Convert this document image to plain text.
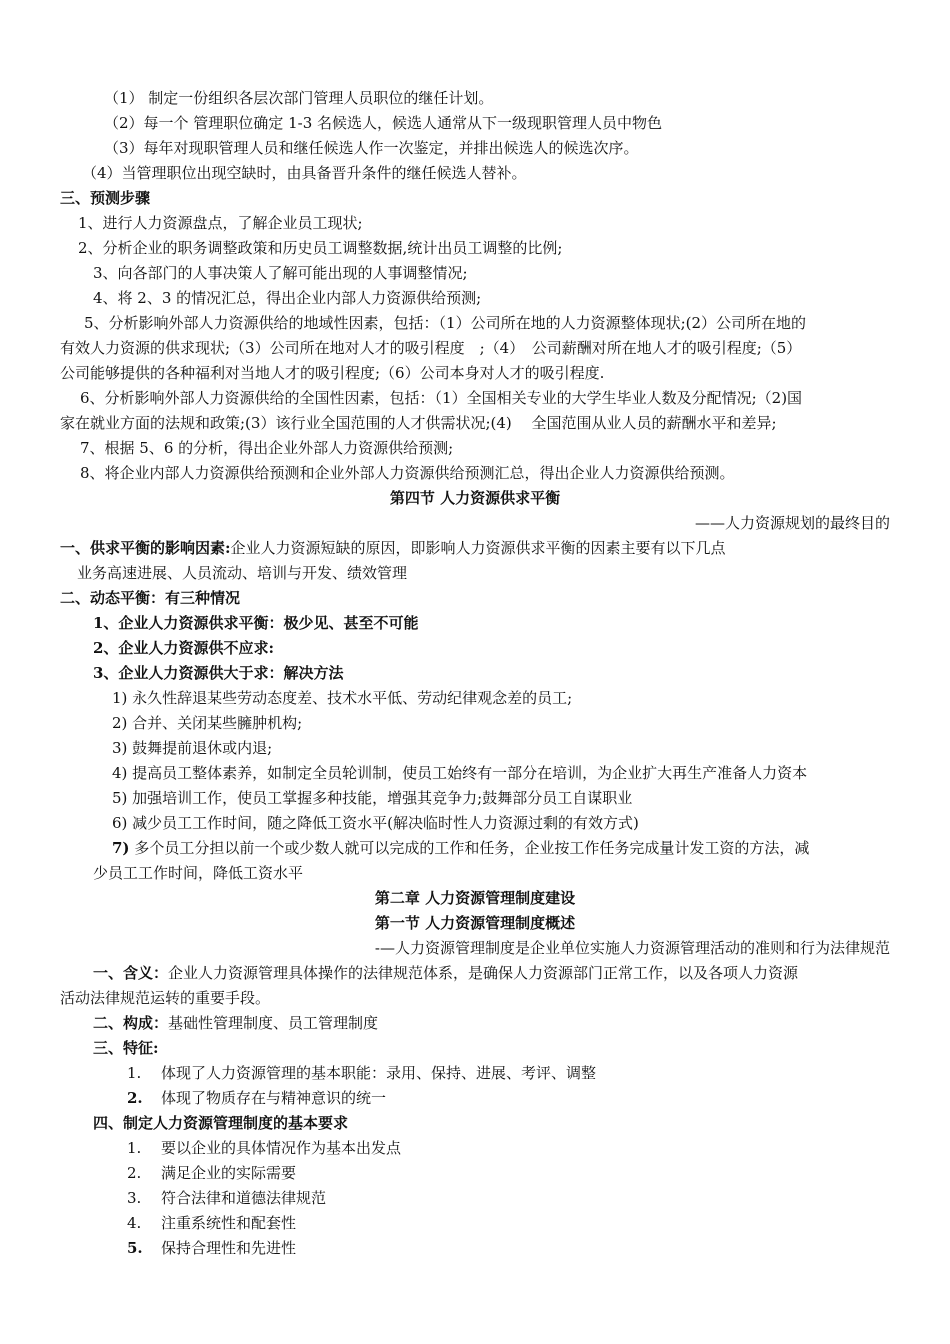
（1） 制定一份组织各层次部门管理人员职位的继任计划。
（2）每一个 管理职位确定 1-3 名候选人，候选人通常从下一级现职管理人员中物色
（3）每年对现职管理人员和继任候选人作一次鉴定，并排出候选人的候选次序。
（4）当管理职位出现空缺时，由具备晋升条件的继任候选人替补。
三、预测步骤
1、进行人力资源盘点，了解企业员工现状;
2、分析企业的职务调整政策和历史员工调整数据,统计出员工调整的比例;
3、向各部门的人事决策人了解可能出现的人事调整情况;
4、将 2、3 的情况汇总，得出企业内部人力资源供给预测;
5、分析影响外部人力资源供给的地域性因素，包括：（1）公司所在地的人力资源整体现状;(2）公司所在地的
有效人力资源的供求现状;（3）公司所在地对人才的吸引程度　;（4）　公司薪酬对所在地人才的吸引程度;（5）
公司能够提供的各种福利对当地人才的吸引程度;（6）公司本身对人才的吸引程度.
6、分析影响外部人力资源供给的全国性因素，包括：（1）全国相关专业的大学生毕业人数及分配情况;（2)国
家在就业方面的法规和政策;(3）该行业全国范围的人才供需状况;(4)　 全国范围从业人员的薪酬水平和差异;
7、根据 5、6 的分析，得出企业外部人力资源供给预测;
8、将企业内部人力资源供给预测和企业外部人力资源供给预测汇总，得出企业人力资源供给预测。
第四节 人力资源供求平衡
——人力资源规划的最终目的
一、供求平衡的影响因素:企业人力资源短缺的原因，即影响人力资源供求平衡的因素主要有以下几点
业务高速进展、人员流动、培训与开发、绩效管理
二、动态平衡：有三种情况
1、企业人力资源供求平衡：极少见、甚至不可能
2、企业人力资源供不应求:
3、企业人力资源供大于求：解决方法
1) 永久性辞退某些劳动态度差、技术水平低、劳动纪律观念差的员工;
2) 合并、关闭某些臃肿机构;
3) 鼓舞提前退休或内退;
4) 提高员工整体素养，如制定全员轮训制，使员工始终有一部分在培训，为企业扩大再生产准备人力资本
5) 加强培训工作，使员工掌握多种技能，增强其竞争力;鼓舞部分员工自谋职业
6) 减少员工工作时间，随之降低工资水平(解决临时性人力资源过剩的有效方式)
7) 多个员工分担以前一个或少数人就可以完成的工作和任务，企业按工作任务完成量计发工资的方法，减
少员工工作时间，降低工资水平
第二章 人力资源管理制度建设
第一节 人力资源管理制度概述
-—人力资源管理制度是企业单位实施人力资源管理活动的准则和行为法律规范
一、含义：企业人力资源管理具体操作的法律规范体系，是确保人力资源部门正常工作，以及各项人力资源
活动法律规范运转的重要手段。
二、构成：基础性管理制度、员工管理制度
三、特征:
1. 体现了人力资源管理的基本职能：录用、保持、进展、考评、调整
2. 体现了物质存在与精神意识的统一
四、制定人力资源管理制度的基本要求
1. 要以企业的具体情况作为基本出发点
2. 满足企业的实际需要
3. 符合法律和道德法律规范
4. 注重系统性和配套性
5. 保持合理性和先进性
